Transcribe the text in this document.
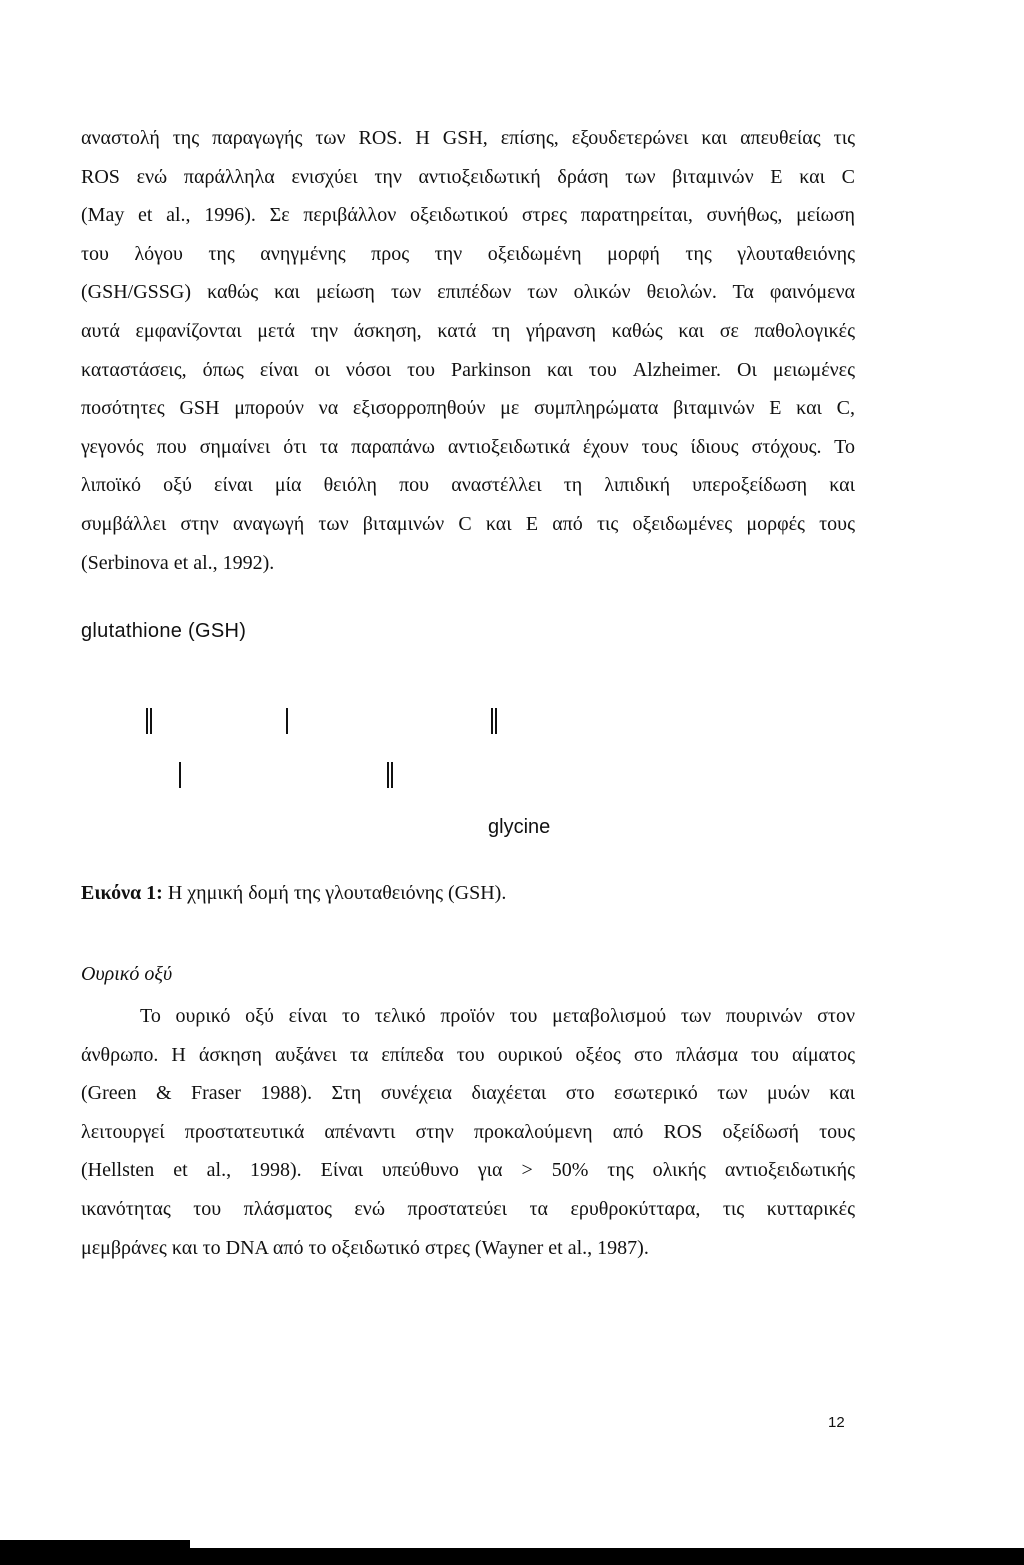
αναστολή της παραγωγής των ROS. H GSH, επίσης, εξουδετερώνει και απευθείας τις
ROS ενώ παράλληλα ενισχύει την αντιοξειδωτική δράση των βιταμινών E και C
(May et al., 1996). Σε περιβάλλον οξειδωτικού στρες παρατηρείται, συνήθως, μείωση
του λόγου της ανηγμένης προς την οξειδωμένη μορφή της γλουταθειόνης
(GSH/GSSG) καθώς και μείωση των επιπέδων των ολικών θειολών. Τα φαινόμενα
αυτά εμφανίζονται μετά την άσκηση, κατά τη γήρανση καθώς και σε παθολογικές
καταστάσεις, όπως είναι οι νόσοι του Parkinson και του Alzheimer. Οι μειωμένες
ποσότητες GSH μπορούν να εξισορροπηθούν με συμπληρώματα βιταμινών E και C,
γεγονός που σημαίνει ότι τα παραπάνω αντιοξειδωτικά έχουν τους ίδιους στόχους. Το
λιποϊκό οξύ είναι μία θειόλη που αναστέλλει τη λιπιδική υπεροξείδωση και
συμβάλλει στην αναγωγή των βιταμινών C και E από τις οξειδωμένες μορφές τους
(Serbinova et al., 1992).
glutathione (GSH)
glycine
Εικόνα 1: H χημική δομή της γλουταθειόνης (GSH).
Ουρικό οξύ
Το ουρικό οξύ είναι το τελικό προϊόν του μεταβολισμού των πουρινών στον
άνθρωπο. Η άσκηση αυξάνει τα επίπεδα του ουρικού οξέος στο πλάσμα του αίματος
(Green & Fraser 1988). Στη συνέχεια διαχέεται στο εσωτερικό των μυών και
λειτουργεί προστατευτικά απέναντι στην προκαλούμενη από ROS οξείδωσή τους
(Hellsten et al., 1998). Είναι υπεύθυνο για > 50% της ολικής αντιοξειδωτικής
ικανότητας του πλάσματος ενώ προστατεύει τα ερυθροκύτταρα, τις κυτταρικές
μεμβράνες και το DNA από το οξειδωτικό στρες (Wayner et al., 1987).
12
